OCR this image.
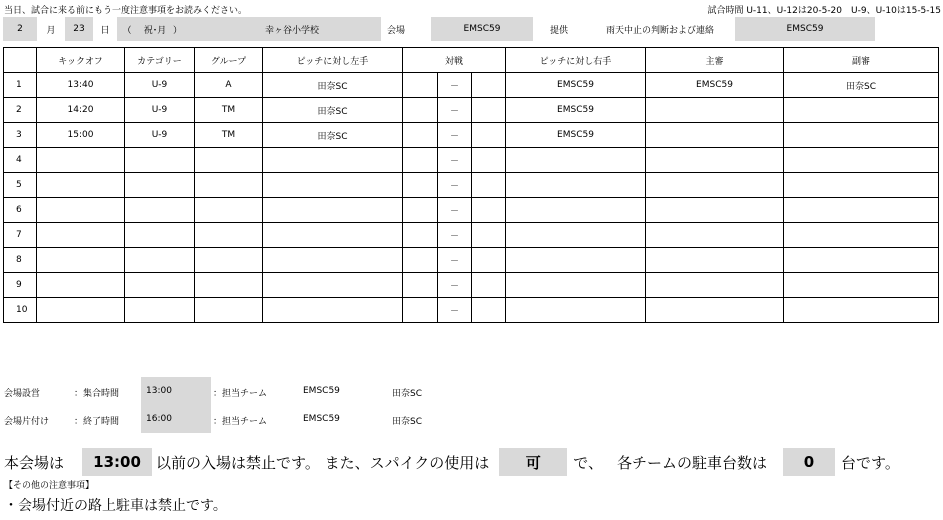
当日、試合に来る前にもう一度注意事項をお読みください。	試合時間 U-11、U-12は20-5-20　U-9、U-10は15-5-15
2	月	23	日	（	祝･月 ）	幸ヶ谷小学校	会場	EMSC59	提供	雨天中止の判断および連絡	EMSC59
	キックオフ	カテゴリー	グループ	ピッチに対し左手	対戦			ピッチに対し右手	主審	副審
1	13:40	U-9	A	田奈SC		－		EMSC59	EMSC59	田奈SC
2	14:20	U-9	TM	田奈SC		－		EMSC59		
3	15:00	U-9	TM	田奈SC		－		EMSC59		
4						－				
5						－				
6						－				
7						－				
8						－				
9						－				
10						－				
会場設営	：集合時間	13:00	：担当チーム	EMSC59	田奈SC
会場片付け	：終了時間	16:00	：担当チーム	EMSC59	田奈SC
本会場は	13:00	以前の入場は禁止です。 また、スパイクの使用は	可	で、 各チームの駐車台数は	0	台です。
【その他の注意事項】
・会場付近の路上駐車は禁止です。
